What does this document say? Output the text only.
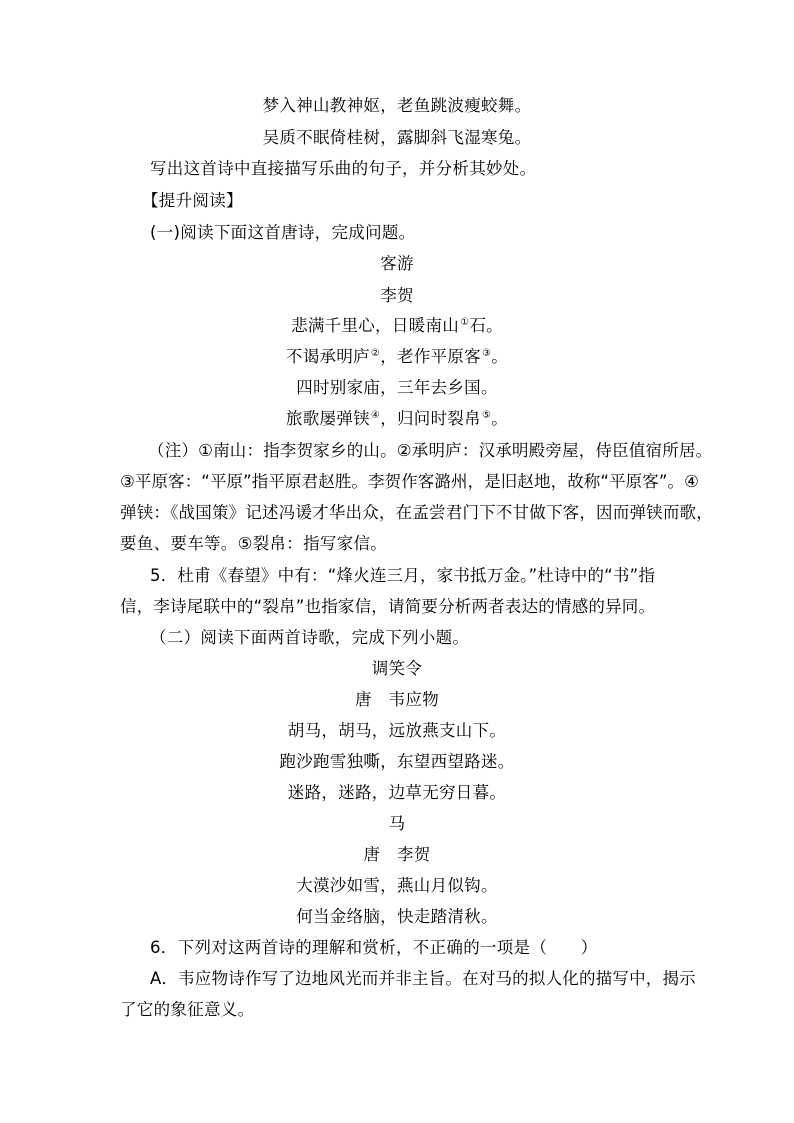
梦入神山教神妪，老鱼跳波瘦蛟舞。
吴质不眠倚桂树，露脚斜飞湿寒兔。
写出这首诗中直接描写乐曲的句子，并分析其妙处。
【提升阅读】
(一)阅读下面这首唐诗，完成问题。
客游
李贺
悲满千里心，日暖南山①石。
不谒承明庐②，老作平原客③。
四时别家庙，三年去乡国。
旅歌屡弹铗④，归问时裂帛⑤。
（注）①南山：指李贺家乡的山。②承明庐：汉承明殿旁屋，侍臣值宿所居。
③平原客：“平原”指平原君赵胜。李贺作客潞州，是旧赵地，故称“平原客”。④
弹铗：《战国策》记述冯谖才华出众，在孟尝君门下不甘做下客，因而弹铗而歌，
要鱼、要车等。⑤裂帛：指写家信。
5．杜甫《春望》中有：“烽火连三月，家书抵万金。”杜诗中的“书”指
信，李诗尾联中的“裂帛”也指家信，请简要分析两者表达的情感的异同。
（二）阅读下面两首诗歌，完成下列小题。
调笑令
唐　韦应物
胡马，胡马，远放燕支山下。
跑沙跑雪独嘶，东望西望路迷。
迷路，迷路，边草无穷日暮。
马
唐　李贺
大漠沙如雪，燕山月似钩。
何当金络脑，快走踏清秋。
6．下列对这两首诗的理解和赏析，不正确的一项是（　　）
A．韦应物诗作写了边地风光而并非主旨。在对马的拟人化的描写中，揭示
了它的象征意义。
